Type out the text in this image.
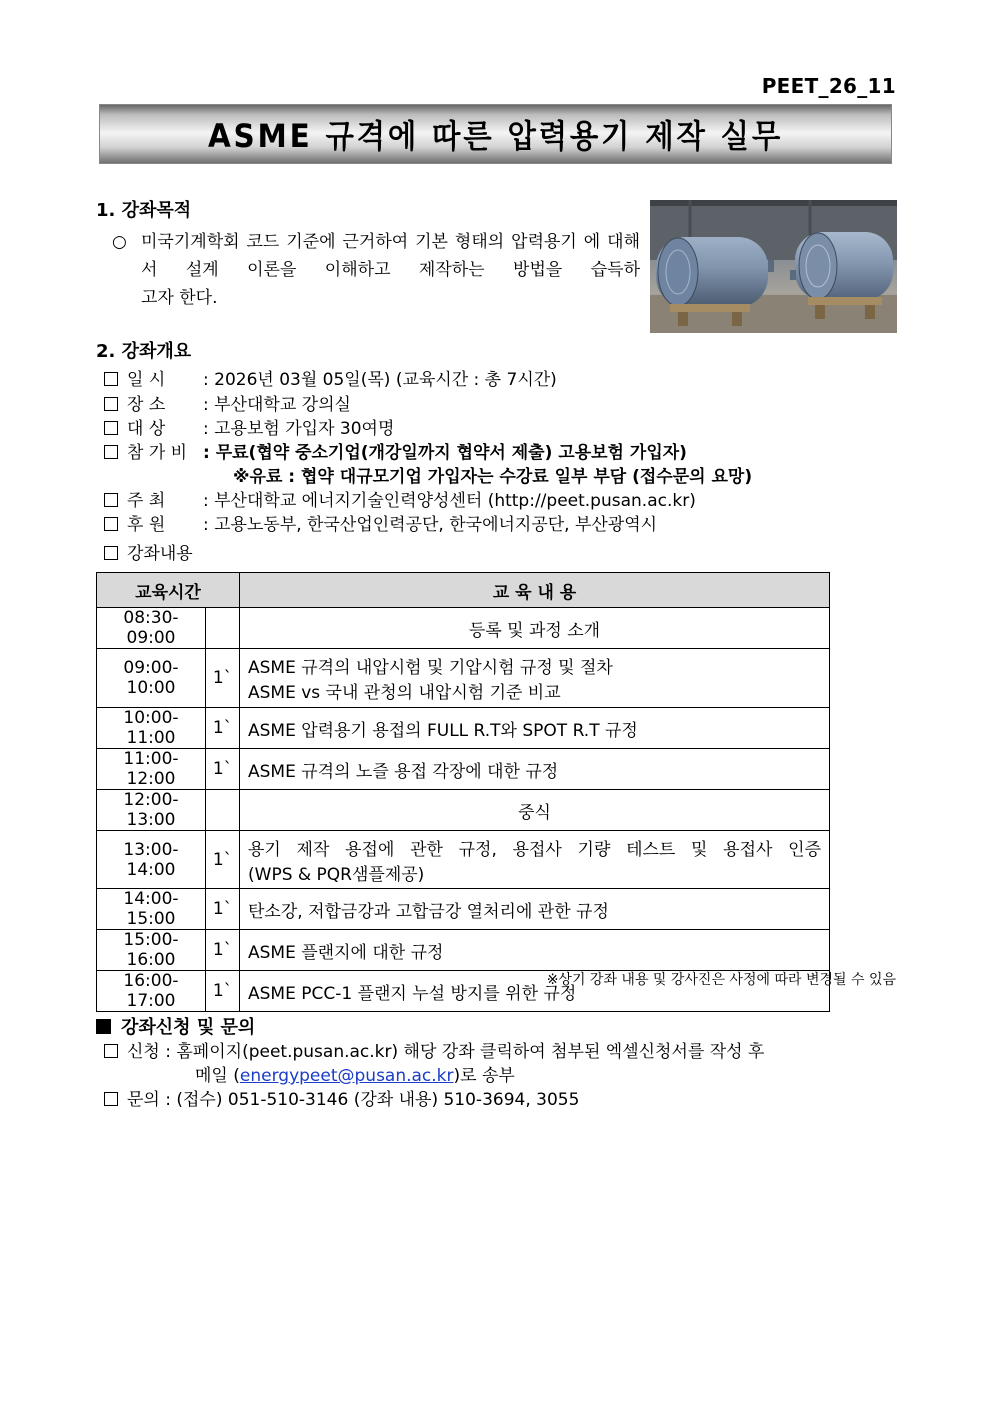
PEET_26_11
ASME 규격에 따른 압력용기 제작 실무
1. 강좌목적
○ 미국기계학회 코드 기준에 근거하여 기본 형태의 압력용기 에 대해서 설계 이론을 이해하고 제작하는 방법을 습득하
고자 한다.
2. 강좌개요
일 시 : 2026년 03월 05일(목) (교육시간 : 총 7시간)
장 소 : 부산대학교 강의실
대 상 : 고용보험 가입자 30여명
참 가 비 : 무료(협약 중소기업(개강일까지 협약서 제출) 고용보험 가입자)
※유료 : 협약 대규모기업 가입자는 수강료 일부 부담 (접수문의 요망)
주 최 : 부산대학교 에너지기술인력양성센터 (http://peet.pusan.ac.kr)
후 원 : 고용노동부, 한국산업인력공단, 한국에너지공단, 부산광역시
강좌내용
교육시간		교 육 내 용
08:30-09:00		등록 및 과정 소개
09:00-10:00	1`	ASME 규격의 내압시험 및 기압시험 규정 및 절차
ASME vs 국내 관청의 내압시험 기준 비교

10:00-11:00	1`	ASME 압력용기 용접의 FULL R.T와 SPOT R.T 규정
11:00-12:00	1`	ASME 규격의 노즐 용접 각장에 대한 규정
12:00-13:00		중식
13:00-14:00	1`	용기 제작 용접에 관한 규정, 용접사 기량 테스트 및 용접사 인증
(WPS & PQR샘플제공)

14:00-15:00	1`	탄소강, 저합금강과 고합금강 열처리에 관한 규정
15:00-16:00	1`	ASME 플랜지에 대한 규정
16:00-17:00	1`	ASME PCC-1 플랜지 누설 방지를 위한 규정
※상기 강좌 내용 및 강사진은 사정에 따라 변경될 수 있음
강좌신청 및 문의
신청 : 홈페이지(peet.pusan.ac.kr) 해당 강좌 클릭하여 첨부된 엑셀신청서를 작성 후
메일 (energypeet@pusan.ac.kr)로 송부
문의 : (접수) 051-510-3146 (강좌 내용) 510-3694, 3055
